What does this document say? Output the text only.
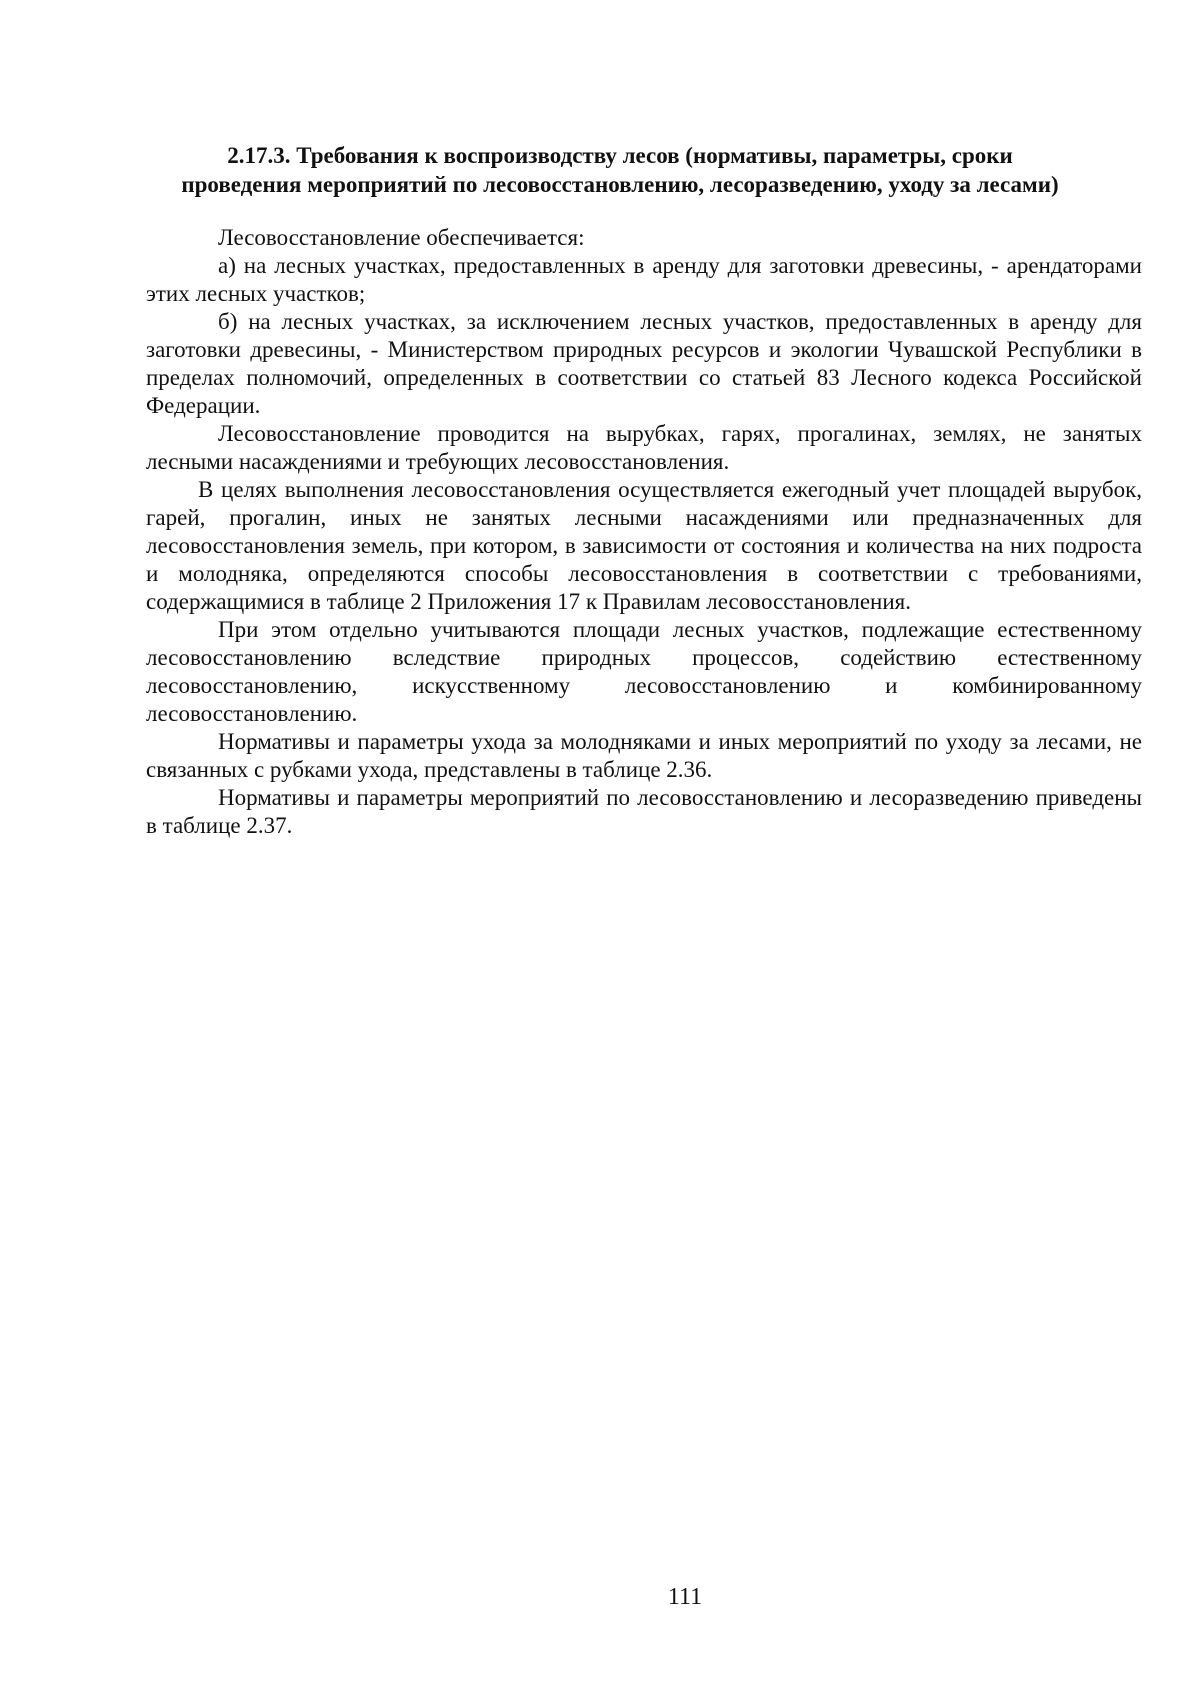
2.17.3. Требования к воспроизводству лесов (нормативы, параметры, сроки
проведения мероприятий по лесовосстановлению, лесоразведению, уходу за лесами)

Лесовосстановление обеспечивается:

а) на лесных участках, предоставленных в аренду для заготовки древесины, - арендаторами этих лесных участков;

б) на лесных участках, за исключением лесных участков, предоставленных в аренду для заготовки древесины, - Министерством природных ресурсов и экологии Чувашской Республики в пределах полномочий, определенных в соответствии со статьей 83 Лесного кодекса Российской Федерации.

Лесовосстановление проводится на вырубках, гарях, прогалинах, землях, не занятых лесными насаждениями и требующих лесовосстановления.

В целях выполнения лесовосстановления осуществляется ежегодный учет площадей вырубок, гарей, прогалин, иных не занятых лесными насаждениями или предназначенных для лесовосстановления земель, при котором, в зависимости от состояния и количества на них подроста и молодняка, определяются способы лесовосстановления в соответствии с требованиями, содержащимися в таблице 2 Приложения 17 к Правилам лесовосстановления.

При этом отдельно учитываются площади лесных участков, подлежащие естественному лесовосстановлению вследствие природных процессов, содействию естественному лесовосстановлению, искусственному лесовосстановлению и комбинированному лесовосстановлению.

Нормативы и параметры ухода за молодняками и иных мероприятий по уходу за лесами, не связанных с рубками ухода, представлены в таблице 2.36.

Нормативы и параметры мероприятий по лесовосстановлению и лесоразведению приведены в таблице 2.37.

111
